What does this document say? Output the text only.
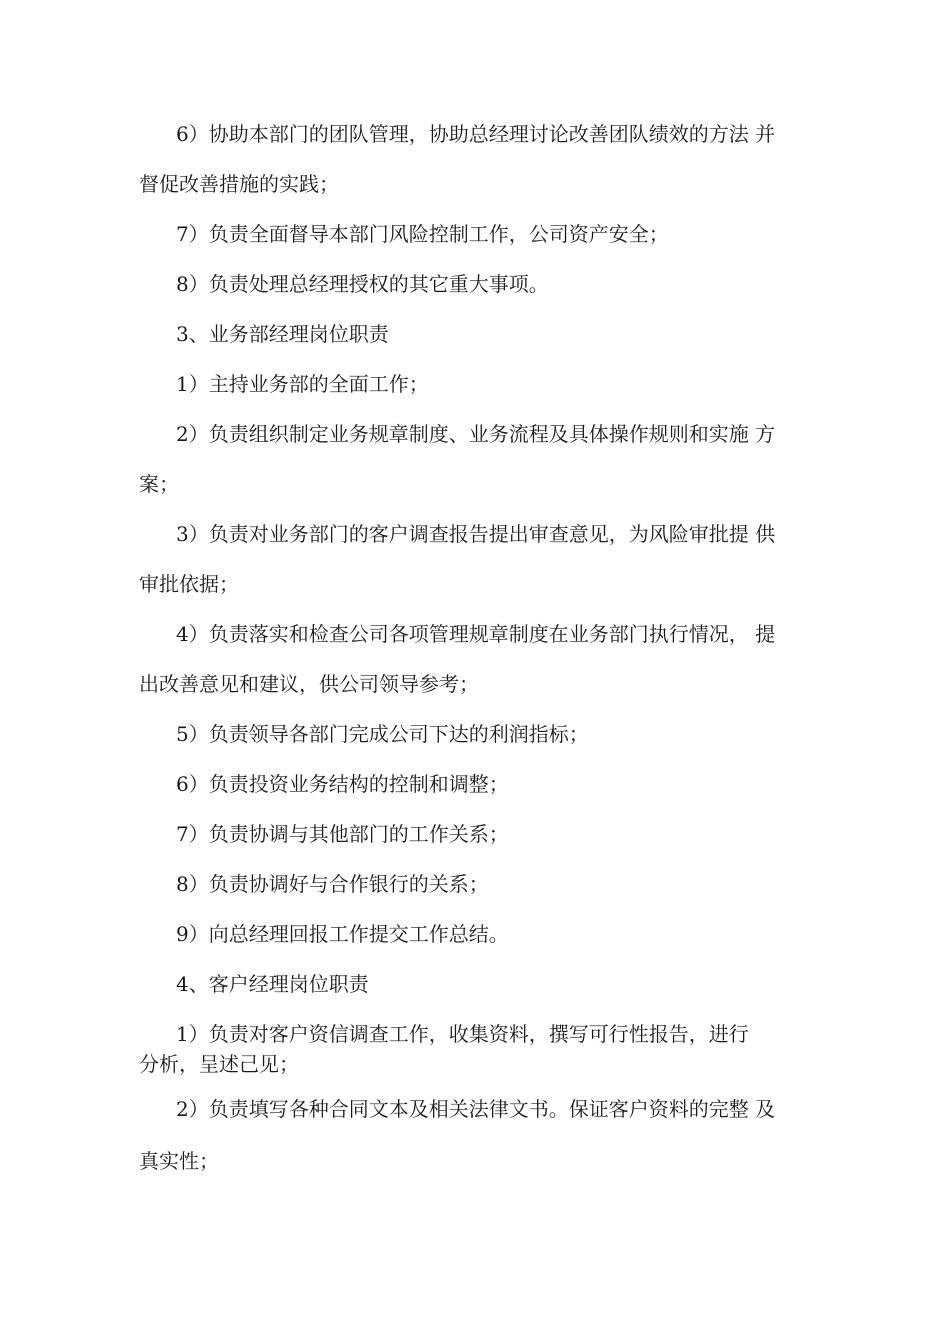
6）协助本部门的团队管理，协助总经理讨论改善团队绩效的方法 并
督促改善措施的实践；
7）负责全面督导本部门风险控制工作，公司资产安全；
8）负责处理总经理授权的其它重大事项。
3、业务部经理岗位职责
1）主持业务部的全面工作；
2）负责组织制定业务规章制度、业务流程及具体操作规则和实施 方
案；
3）负责对业务部门的客户调查报告提出审查意见，为风险审批提 供
审批依据；
4）负责落实和检查公司各项管理规章制度在业务部门执行情况， 提
出改善意见和建议，供公司领导参考；
5）负责领导各部门完成公司下达的利润指标；
6）负责投资业务结构的控制和调整；
7）负责协调与其他部门的工作关系；
8）负责协调好与合作银行的关系；
9）向总经理回报工作提交工作总结。
4、客户经理岗位职责
1）负责对客户资信调查工作，收集资料，撰写可行性报告，进行
分析，呈述己见；
2）负责填写各种合同文本及相关法律文书。保证客户资料的完整 及
真实性；
